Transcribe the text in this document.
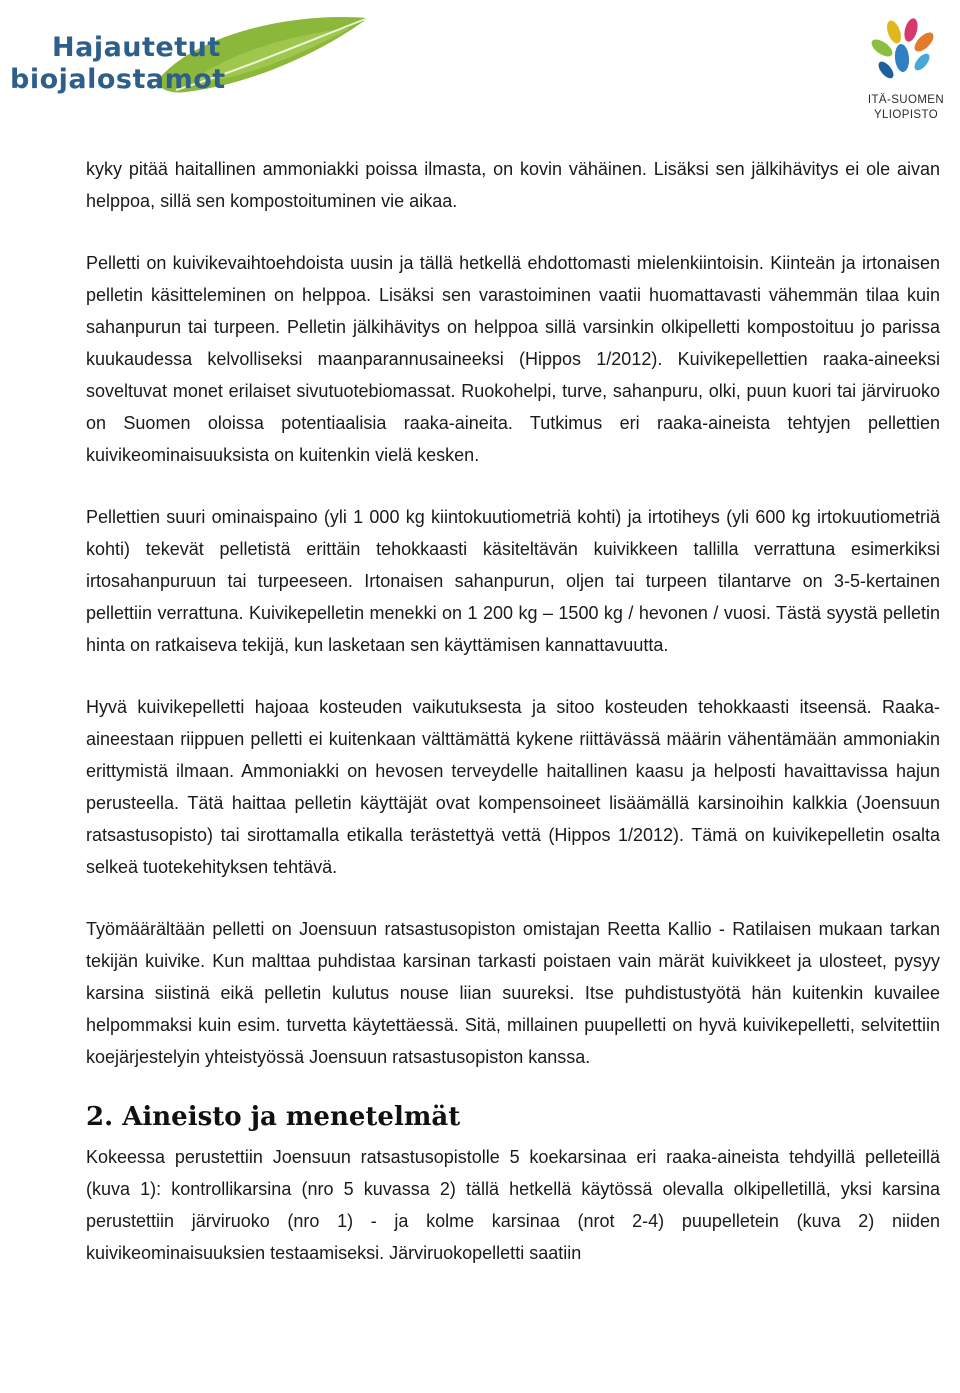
Hajautetut
biojalostamot
ITÄ-SUOMEN
YLIOPISTO

kyky pitää haitallinen ammoniakki poissa ilmasta, on kovin vähäinen. Lisäksi sen jälkihävitys ei ole aivan helppoa, sillä sen kompostoituminen vie aikaa.

Pelletti on kuivikevaihtoehdoista uusin ja tällä hetkellä ehdottomasti mielenkiintoisin. Kiinteän ja irtonaisen pelletin käsitteleminen on helppoa. Lisäksi sen varastoiminen vaatii huomattavasti vähemmän tilaa kuin sahanpurun tai turpeen. Pelletin jälkihävitys on helppoa sillä varsinkin olkipelletti kompostoituu jo parissa kuukaudessa kelvolliseksi maanparannusaineeksi (Hippos 1/2012). Kuivikepellettien raaka-aineeksi soveltuvat monet erilaiset sivutuotebiomassat. Ruokohelpi, turve, sahanpuru, olki, puun kuori tai järviruoko on Suomen oloissa potentiaalisia raaka-aineita. Tutkimus eri raaka-aineista tehtyjen pellettien kuivikeominaisuuksista on kuitenkin vielä kesken.

Pellettien suuri ominaispaino (yli 1 000 kg kiintokuutiometriä kohti) ja irtotiheys (yli 600 kg irtokuutiometriä kohti) tekevät pelletistä erittäin tehokkaasti käsiteltävän kuivikkeen tallilla verrattuna esimerkiksi irtosahanpuruun tai turpeeseen. Irtonaisen sahanpurun, oljen tai turpeen tilantarve on 3-5-kertainen pellettiin verrattuna. Kuivikepelletin menekki on 1 200 kg – 1500 kg / hevonen / vuosi. Tästä syystä pelletin hinta on ratkaiseva tekijä, kun lasketaan sen käyttämisen kannattavuutta.

Hyvä kuivikepelletti hajoaa kosteuden vaikutuksesta ja sitoo kosteuden tehokkaasti itseensä. Raaka-aineestaan riippuen pelletti ei kuitenkaan välttämättä kykene riittävässä määrin vähentämään ammoniakin erittymistä ilmaan. Ammoniakki on hevosen terveydelle haitallinen kaasu ja helposti havaittavissa hajun perusteella. Tätä haittaa pelletin käyttäjät ovat kompensoineet lisäämällä karsinoihin kalkkia (Joensuun ratsastusopisto) tai sirottamalla etikalla terästettyä vettä (Hippos 1/2012). Tämä on kuivikepelletin osalta selkeä tuotekehityksen tehtävä.

Työmäärältään pelletti on Joensuun ratsastusopiston omistajan Reetta Kallio - Ratilaisen mukaan tarkan tekijän kuivike. Kun malttaa puhdistaa karsinan tarkasti poistaen vain märät kuivikkeet ja ulosteet, pysyy karsina siistinä eikä pelletin kulutus nouse liian suureksi. Itse puhdistustyötä hän kuitenkin kuvailee helpommaksi kuin esim. turvetta käytettäessä. Sitä, millainen puupelletti on hyvä kuivikepelletti, selvitettiin koejärjestelyin yhteistyössä Joensuun ratsastusopiston kanssa.

2. Aineisto ja menetelmät

Kokeessa perustettiin Joensuun ratsastusopistolle 5 koekarsinaa eri raaka-aineista tehdyillä pelleteillä (kuva 1): kontrollikarsina (nro 5 kuvassa 2) tällä hetkellä käytössä olevalla olkipelletillä, yksi karsina perustettiin järviruoko (nro 1) - ja kolme karsinaa (nrot 2-4) puupelletein (kuva 2) niiden kuivikeominaisuuksien testaamiseksi. Järviruokopelletti saatiin
